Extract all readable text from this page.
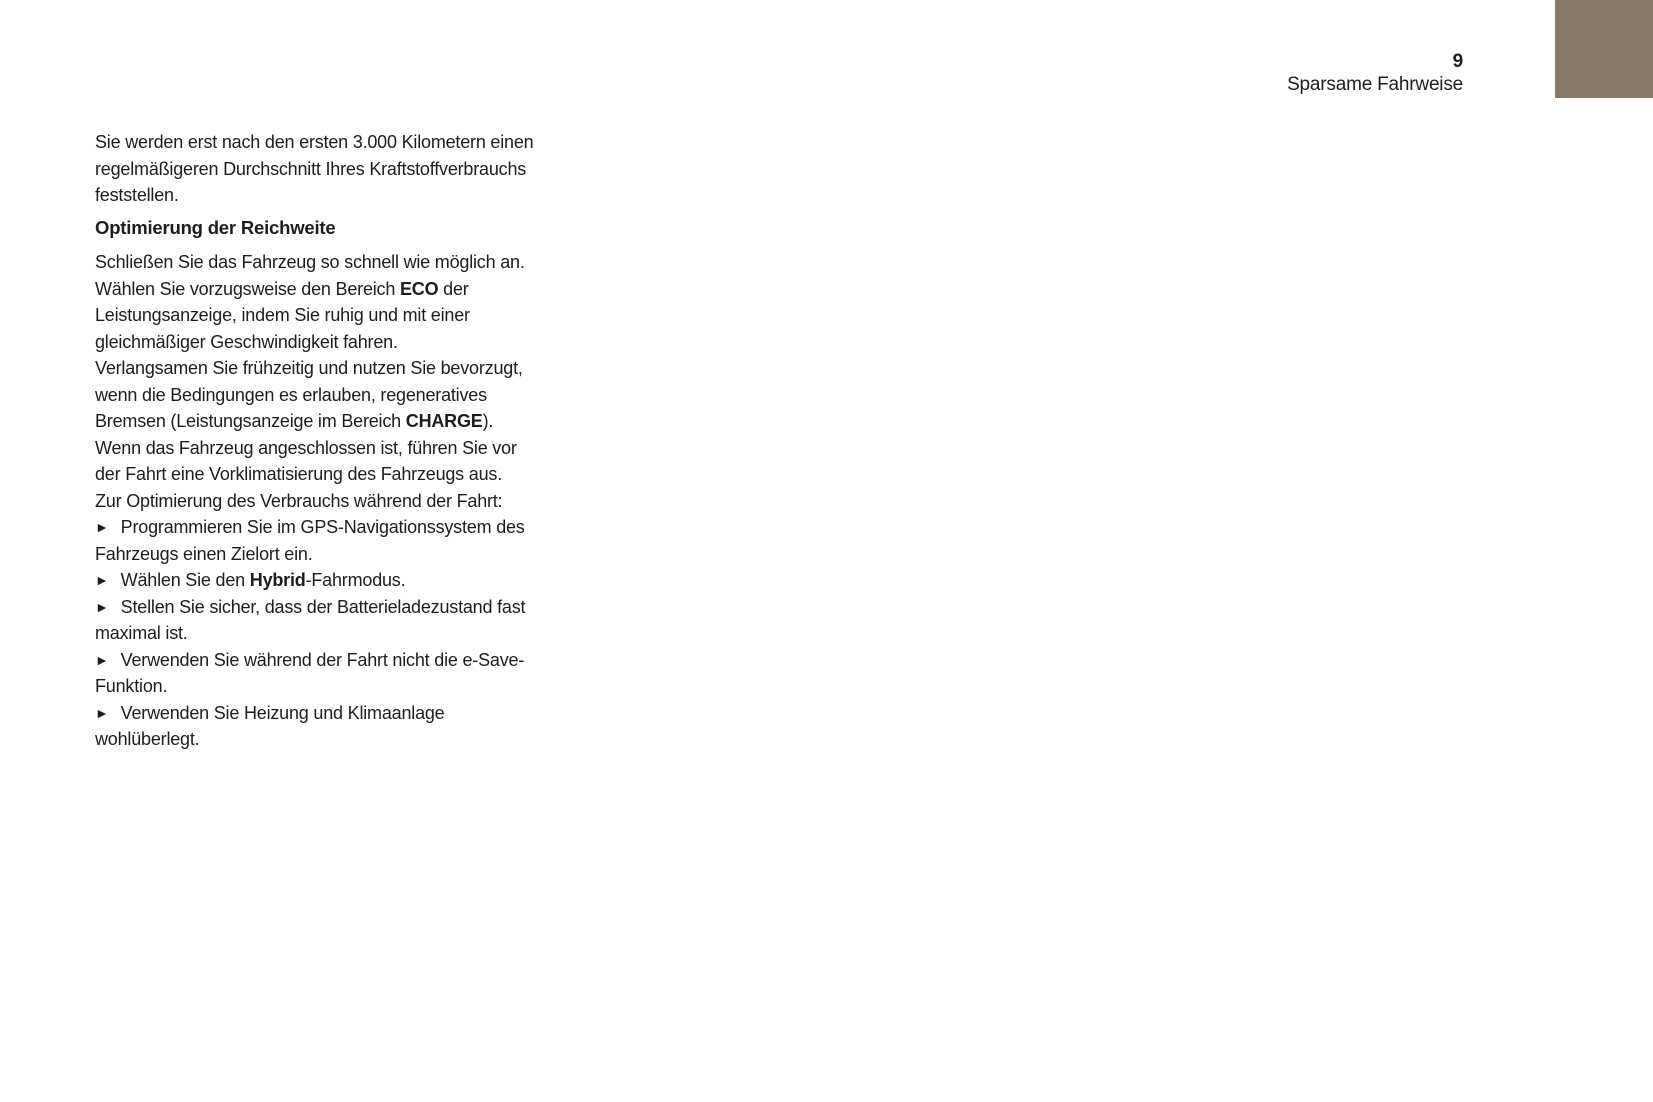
9
Sparsame Fahrweise

Sie werden erst nach den ersten 3.000 Kilometern einen regelmäßigeren Durchschnitt Ihres Kraftstoffverbrauchs feststellen.

Optimierung der Reichweite

Schließen Sie das Fahrzeug so schnell wie möglich an.

Wählen Sie vorzugsweise den Bereich ECO der Leistungsanzeige, indem Sie ruhig und mit einer gleichmäßiger Geschwindigkeit fahren.

Verlangsamen Sie frühzeitig und nutzen Sie bevorzugt, wenn die Bedingungen es erlauben, regeneratives Bremsen (Leistungsanzeige im Bereich CHARGE).

Wenn das Fahrzeug angeschlossen ist, führen Sie vor der Fahrt eine Vorklimatisierung des Fahrzeugs aus.

Zur Optimierung des Verbrauchs während der Fahrt:

► Programmieren Sie im GPS-Navigationssystem des Fahrzeugs einen Zielort ein.

► Wählen Sie den Hybrid-Fahrmodus.

► Stellen Sie sicher, dass der Batterieladezustand fast maximal ist.

► Verwenden Sie während der Fahrt nicht die e-Save-Funktion.

► Verwenden Sie Heizung und Klimaanlage wohlüberlegt.
